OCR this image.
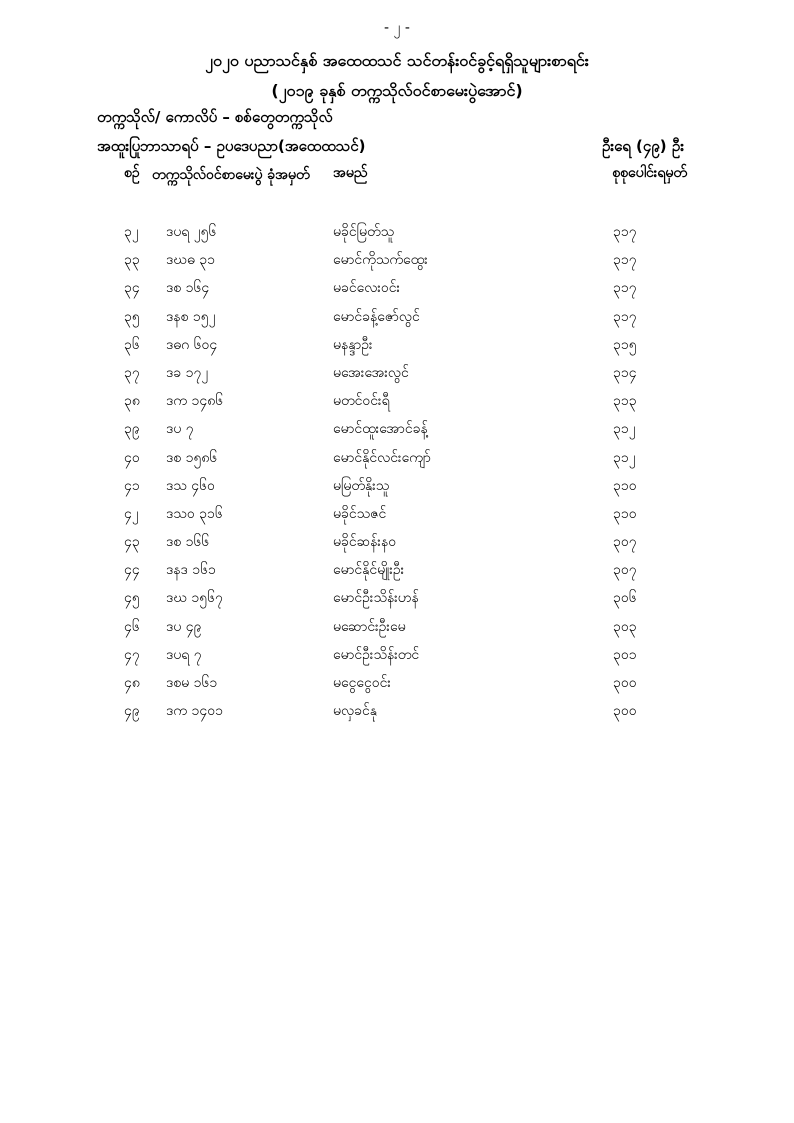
- ၂ -
၂၀၂၀ ပညာသင်နှစ် အထေထသင် သင်တန်းဝင်ခွင့်ရရှိသူများစာရင်း
(၂၀၁၉ ခုနှစ် တက္ကသိုလ်ဝင်စာမေးပွဲအောင်)
တက္ကသိုလ်/ ကောလိပ် – စစ်တွေတက္ကသိုလ်
အထူးပြုဘာသာရပ် – ဥပဒေပညာ(အထေထသင်)	ဦးရေ (၄၉) ဦး
စဉ် တက္ကသိုလ်ဝင်စာမေးပွဲ ခုံအမှတ် အမည်	စုစုပေါင်းရမှတ်
၃၂ ဒပရ ၂၅၆	မခိုင်မြတ်သူ	၃၁၇
၃၃ ဒဃဓ ၃၁	မောင်ကိုသက်ထွေး	၃၁၇
၃၄ ဒစ ၁၆၄	မခင်လေးဝင်း	၃၁၇
၃၅ ဒနစ ၁၅၂	မောင်ခန့်ဇော်လွင်	၃၁၇
၃၆ ဒဓဂ ၆၀၄	မနန္ဒာဦး	၃၁၅
၃၇ ဒခ ၁၇၂	မအေးအေးလွင်	၃၁၄
၃၈ ဒက ၁၄၈၆	မတင်ဝင်းရီ	၃၁၃
၃၉ ဒပ ၇	မောင်ထူးအောင်ခန့်	၃၁၂
၄၀ ဒစ ၁၅၈၆	မောင်နိုင်လင်းကျော်	၃၁၂
၄၁ ဒသ ၄၆၀	မမြတ်နိုးသူ	၃၁၀
၄၂ ဒသဝ ၃၁၆	မခိုင်သဇင်	၃၁၀
၄၃ ဒစ ၁၆၆	မခိုင်ဆန်းနဝ	၃၀၇
၄၄ ဒနဒ ၁၆၁	မောင်နိုင်မျိုးဦး	၃၀၇
၄၅ ဒဃ ၁၅၆၇	မောင်ဦးသိန်းဟန်	၃၀၆
၄၆ ဒပ ၄၉	မဆောင်းဦးမေ	၃၀၃
၄၇ ဒပရ ၇	မောင်ဦးသိန်းတင်	၃၀၁
၄၈ ဒစမ ၁၆၁	မငွေငွေဝင်း	၃၀၀
၄၉ ဒက ၁၄၀၁	မလှခင်နု	၃၀၀
